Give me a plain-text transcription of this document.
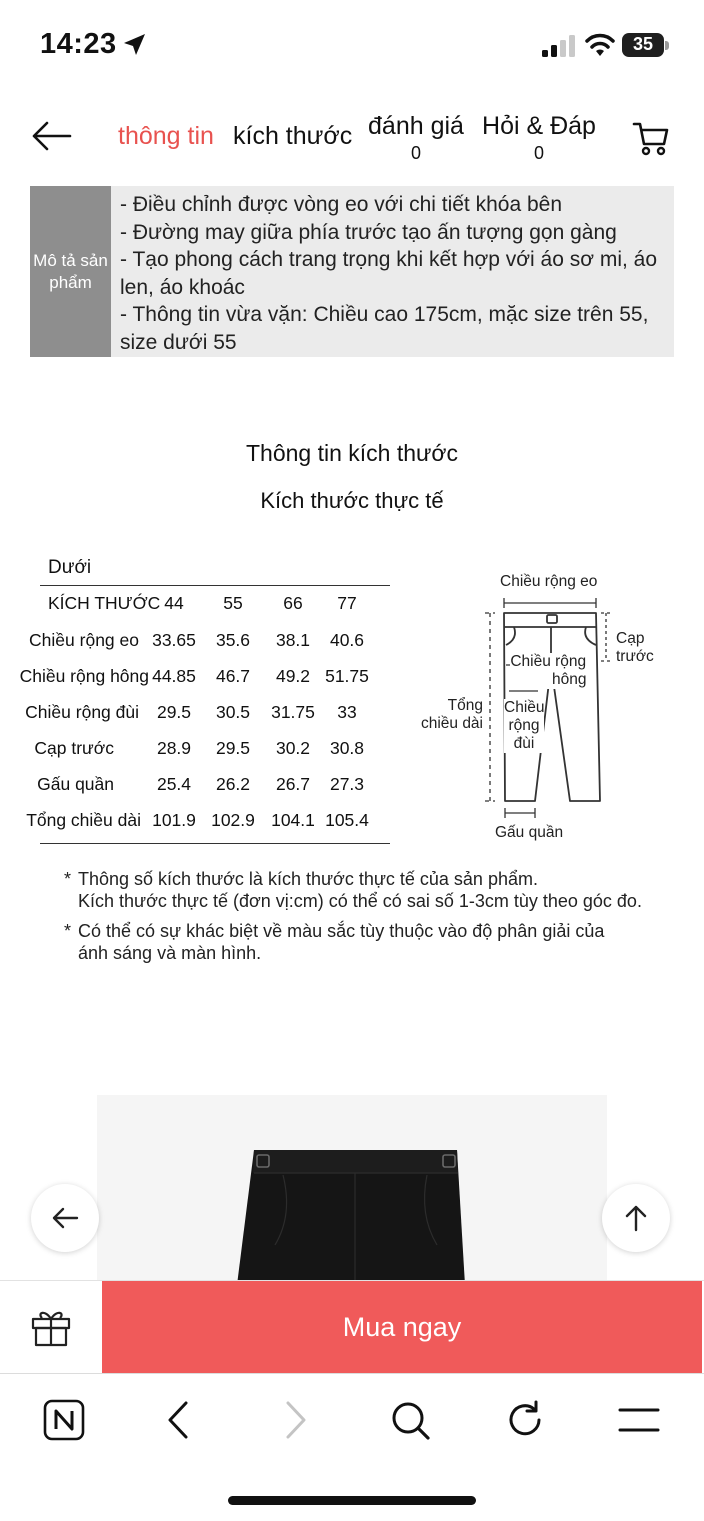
14:23	35
thông tin kích thước đánh giá
0
Hỏi & Đáp
0
Mô tả sản phẩm
- Điều chỉnh được vòng eo với chi tiết khóa bên
- Đường may giữa phía trước tạo ấn tượng gọn gàng
- Tạo phong cách trang trọng khi kết hợp với áo sơ mi, áo len, áo khoác
- Thông tin vừa vặn: Chiều cao 175cm, mặc size trên 55, size dưới 55
Thông tin kích thước
Kích thước thực tế
Dưới
KÍCH THƯỚC 44	55	66	77
Chiều rộng eo 33.65	35.6	38.1	40.6
Chiều rộng hông 44.85	46.7	49.2 51.75
Chiều rộng đùi	29.5	30.5	31.75	33
Cạp trước	28.9	29.5	30.2	30.8
Gấu quần	25.4	26.2	26.7	27.3
Tổng chiều dài 101.9 102.9 104.1 105.4
Chiều rộng eo
Cạp
trước
Chiều rộng
hông
Tổng
chiều dài
Chiều
rộng
đùi
Gấu quần
* Thông số kích thước là kích thước thực tế của sản phẩm.
Kích thước thực tế (đơn vị:cm) có thể có sai số 1-3cm tùy theo góc đo.
* Có thể có sự khác biệt về màu sắc tùy thuộc vào độ phân giải của
ánh sáng và màn hình.
Mua ngay
